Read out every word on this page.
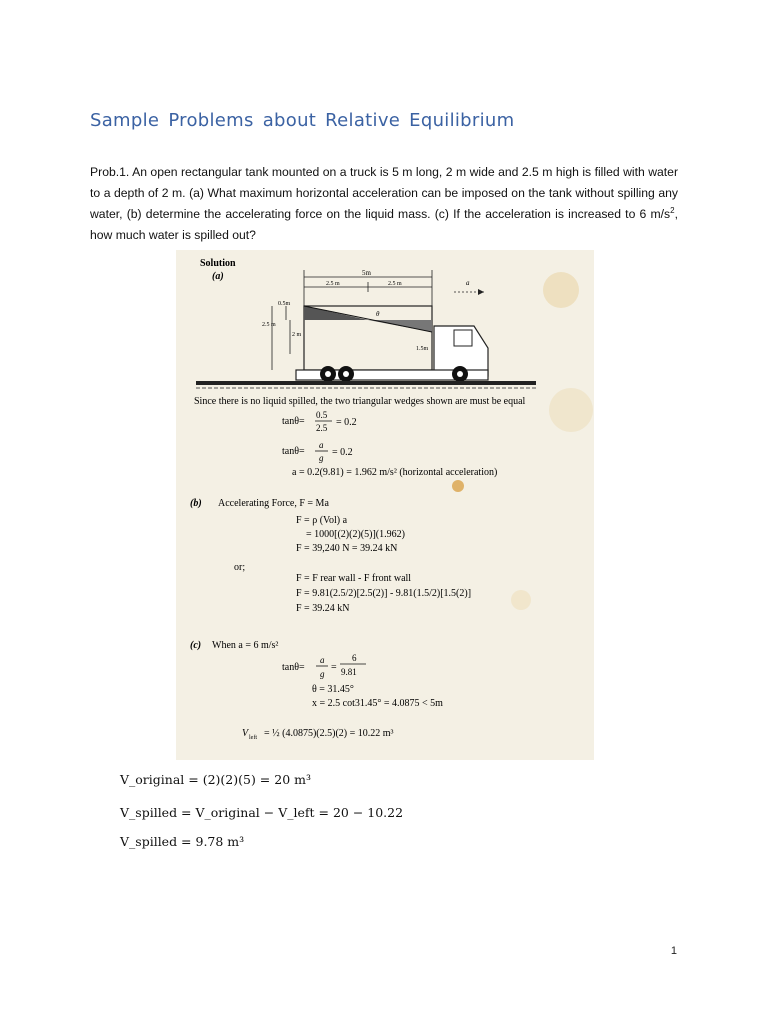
Sample Problems about Relative Equilibrium
Prob.1. An open rectangular tank mounted on a truck is 5 m long, 2 m wide and 2.5 m high is filled with water to a depth of 2 m. (a) What maximum horizontal acceleration can be imposed on the tank without spilling any water, (b) determine the accelerating force on the liquid mass. (c) If the acceleration is increased to 6 $m/s^2$, how much water is spilled out?
Solution
(a)	5m
2.5 m	2.5 m	a
θ
0.5m
2.5 m
2 m
1.5m
Since there is no liquid spilled, the two triangular wedges shown are must be equal
tanθ=
0.5
2.5 = 0.2
tanθ=
a
g = 0.2
a = 0.2(9.81) = 1.962 m/s² (horizontal acceleration)
(b) Accelerating Force, F = Ma
F = ρ (Vol) a
= 1000[(2)(2)(5)](1.962)
F = 39,240 N = 39.24 kN
or;
F = F rear wall - F front wall
F = 9.81(2.5/2)[2.5(2)] - 9.81(1.5/2)[1.5(2)]
F = 39.24 kN
(c) When a = 6 m/s²
tanθ=
a
g
=
6
9.81
θ = 31.45°
x = 2.5 cot31.45° = 4.0875 < 5m
V left = ½ (4.0875)(2.5)(2) = 10.22 m³
V_original = (2)(2)(5) = 20 m³
V_spilled = V_original − V_left = 20 − 10.22
V_spilled = 9.78 m³
1
